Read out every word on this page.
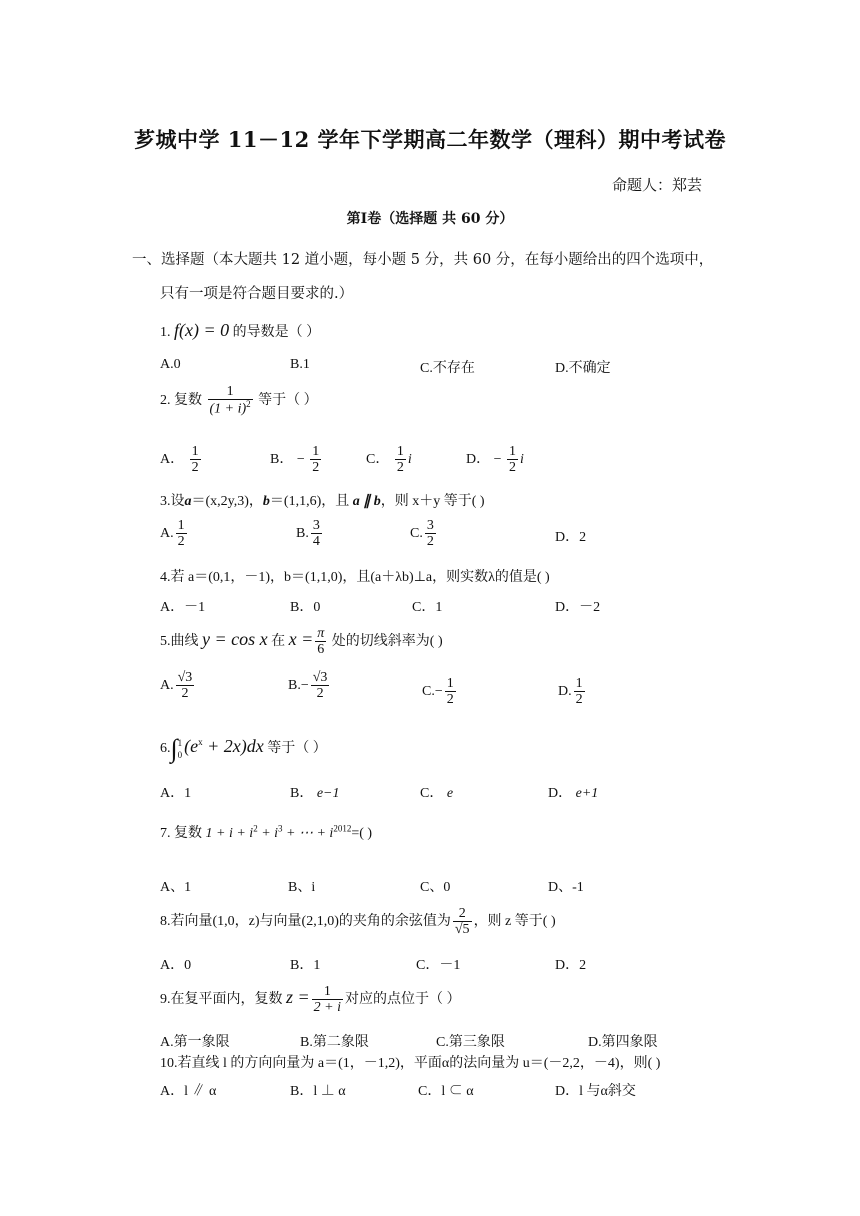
芗城中学 11－12 学年下学期高二年数学（理科）期中考试卷
命题人：郑芸
第Ⅰ卷（选择题 共 60 分）
一、选择题（本大题共 12 道小题，每小题 5 分，共 60 分，在每小题给出的四个选项中，
只有一项是符合题目要求的.）
1. f(x) = 0 的导数是（ ）
A.0	B.1	C.不存在	D.不确定
2. 复数 $\frac{1}{(1 + i)^2}$ 等于（ ）
A． $\frac{1}{2}$	B． − $\frac{1}{2}$	C． $\frac{1}{2}$ i	D． − $\frac{1}{2}$ i
3.设a＝(x,2y,3)，b＝(1,1,6)，且 a ∥ b，则 x＋y 等于( )
A. $\frac{1}{2}$	B. $\frac{3}{4}$	C. $\frac{3}{2}$	D．2
4.若 a＝(0,1，－1)，b＝(1,1,0)，且(a＋λb)⊥a，则实数λ的值是( )
A．－1	B．0	C．1	D．－2
5.曲线 y = cos x 在 $x = \frac{\pi}{6}$ 处的切线斜率为( )
A. $\frac{√3}{2}$	$B.- \frac{√3}{2}$	$C.- \frac{1}{2}$	D. $\frac{1}{2}$
6.∫ 1
0 $(e^x + 2x)dx$ 等于（ ）
A．1	B． e−1	C． e	D． e+1
7. 复数 $1 + i + i^2 + i^3$ + ⋯ + $i^{2012}=$( )
A、1	B、i	C、0	D、-1
8.若向量(1,0，z)与向量(2,1,0)的夹角的余弦值为 $\frac{2}{√5}$ ，则 z 等于( )
A．0	B．1	C．－1	D．2
9.在复平面内，复数 $z = \frac{1}{2 + i}$ 对应的点位于（ ）
A.第一象限	B.第二象限	C.第三象限	D.第四象限
10.若直线 l 的方向向量为 a＝(1，－1,2)，平面α的法向量为 u＝(－2,2，－4)，则( )
A．l ∥ α	B．l ⊥ α	C．l ⊂ α	D．l 与α斜交
